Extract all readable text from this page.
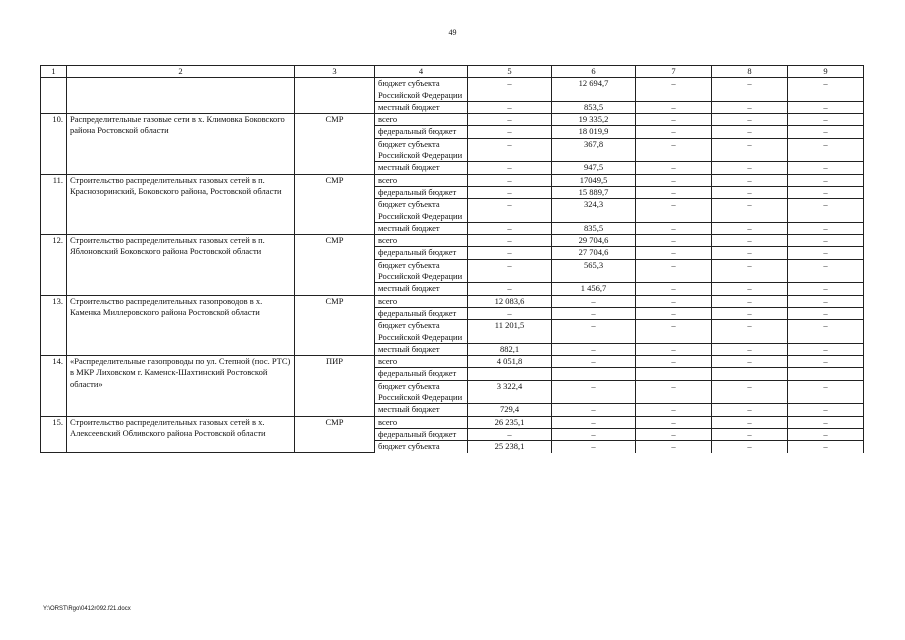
49
1	2	3	4	5	6	7	8	9
			бюджет субъекта Российской Федерации	–	12 694,7	–	–	–
			местный бюджет	–	853,5	–	–	–
10.	Распределительные газовые сети в х. Климовка Боковского района Ростовской области	СМР	всего	–	19 335,2	–	–	–
			федеральный бюджет	–	18 019,9	–	–	–
			бюджет субъекта Российской Федерации	–	367,8	–	–	–
			местный бюджет	–	947,5	–	–	–
11.	Строительство распределительных газовых сетей в п. Краснозоринский, Боковского района, Ростовской области	СМР	всего	–	17049,5	–	–	–
			федеральный бюджет	–	15 889,7	–	–	–
			бюджет субъекта Российской Федерации	–	324,3	–	–	–
			местный бюджет	–	835,5	–	–	–
12.	Строительство распределительных газовых сетей в п. Яблоновский Боковского района Ростовской области	СМР	всего	–	29 704,6	–	–	–
			федеральный бюджет	–	27 704,6	–	–	–
			бюджет субъекта Российской Федерации	–	565,3	–	–	–
			местный бюджет	–	1 456,7	–	–	–
13.	Строительство распределительных газопроводов в х. Каменка Миллеровского района Ростовской области	СМР	всего	12 083,6	–	–	–	–
			федеральный бюджет	–	–	–	–	–
			бюджет субъекта Российской Федерации	11 201,5	–	–	–	–
			местный бюджет	882,1	–	–	–	–
14.	«Распределительные газопроводы по ул. Степной (пос. РТС) в МКР Лиховском г. Каменск-Шахтинский Ростовской области»	ПИР	всего	4 051,8	–	–	–	–
			федеральный бюджет					
			бюджет субъекта Российской Федерации	3 322,4	–	–	–	–
			местный бюджет	729,4	–	–	–	–
15.	Строительство распределительных газовых сетей в х. Алексеевский Обливского района Ростовской области	СМР	всего	26 235,1	–	–	–	–
			федеральный бюджет	–	–	–	–	–
			бюджет субъекта	25 238,1	–	–	–	–
Y:\ORST\Rgo\0412r092.f21.docx
